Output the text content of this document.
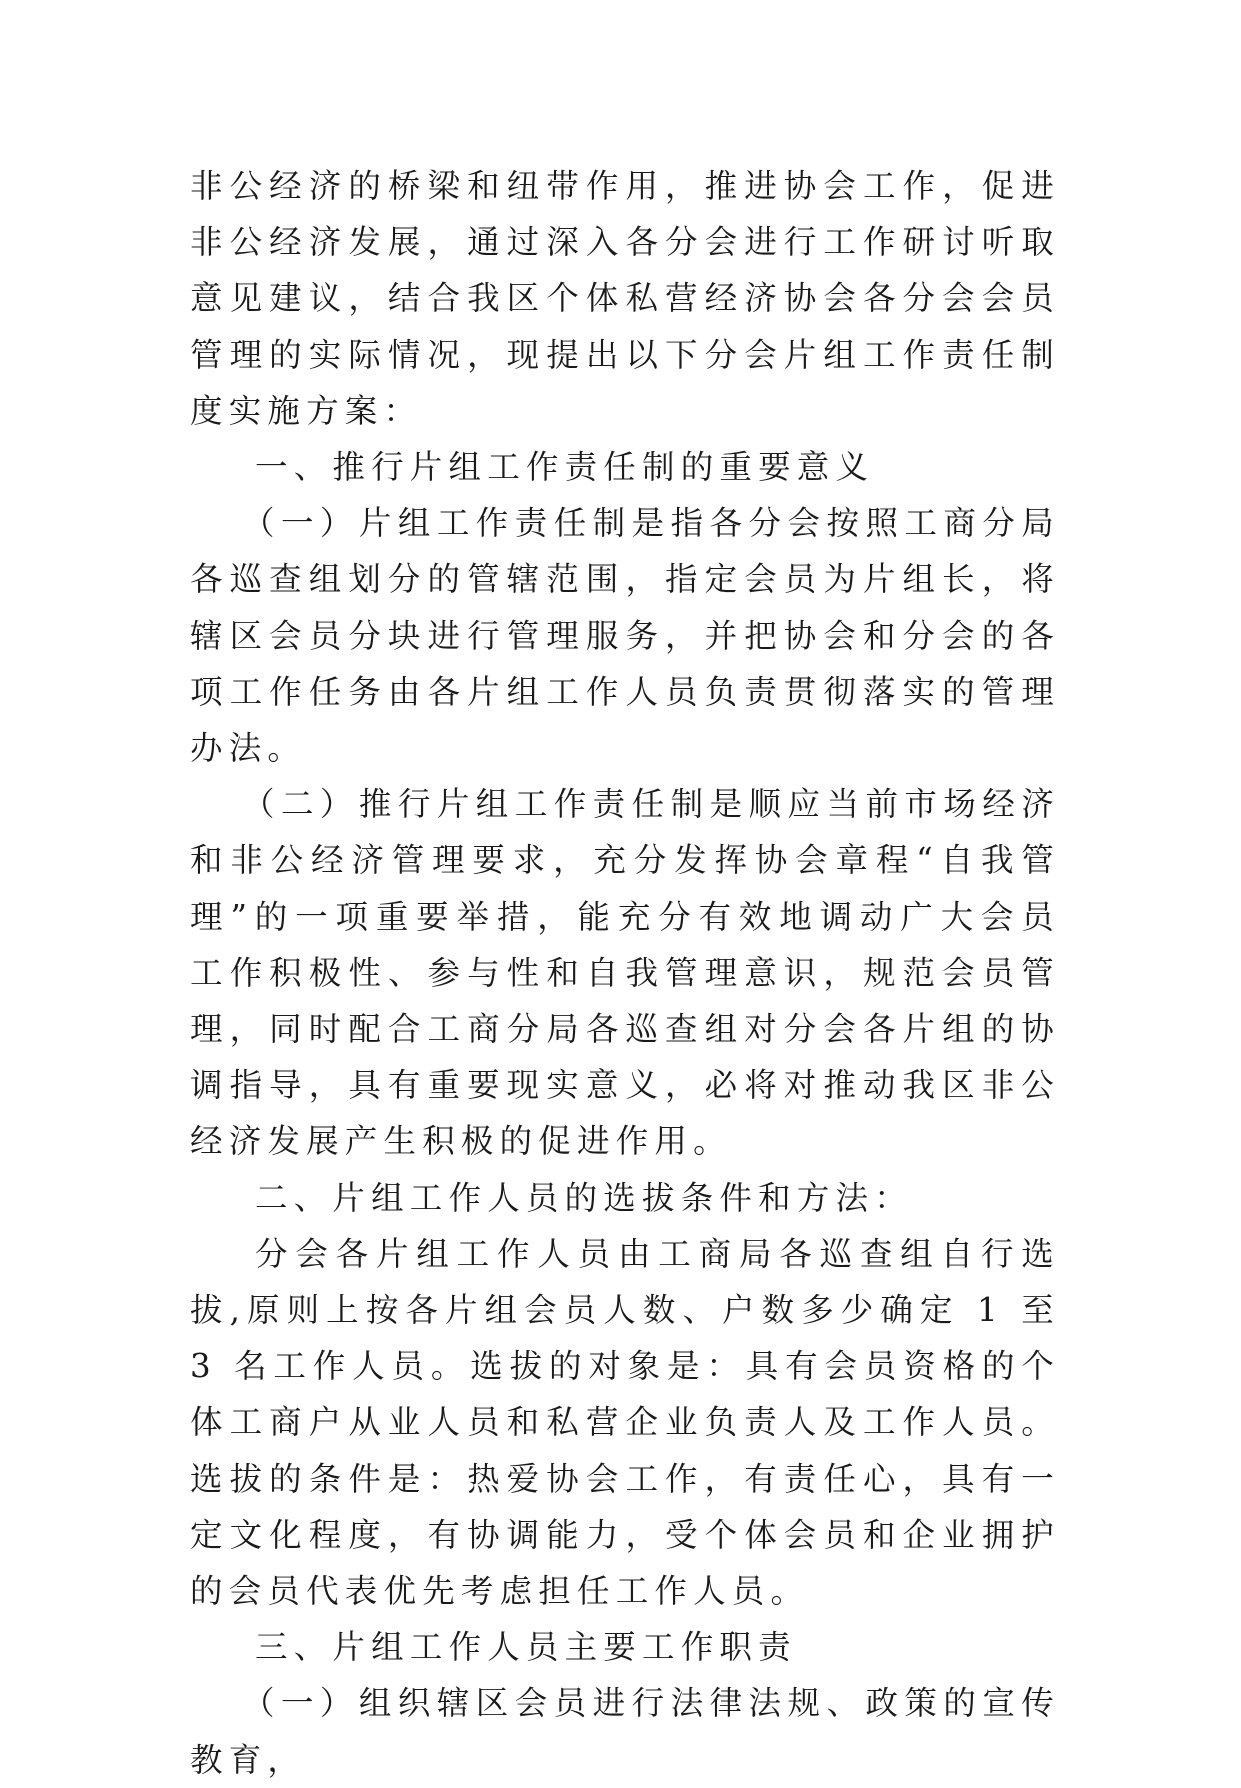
非公经济的桥梁和纽带作用，推进协会工作，促进非公经济发展，通过深入各分会进行工作研讨听取意见建议，结合我区个体私营经济协会各分会会员管理的实际情况，现提出以下分会片组工作责任制度实施方案：

一、推行片组工作责任制的重要意义

（一）片组工作责任制是指各分会按照工商分局各巡查组划分的管辖范围，指定会员为片组长，将辖区会员分块进行管理服务，并把协会和分会的各项工作任务由各片组工作人员负责贯彻落实的管理办法。

（二）推行片组工作责任制是顺应当前市场经济和非公经济管理要求，充分发挥协会章程“自我管理”的一项重要举措，能充分有效地调动广大会员工作积极性、参与性和自我管理意识，规范会员管理，同时配合工商分局各巡查组对分会各片组的协调指导，具有重要现实意义，必将对推动我区非公经济发展产生积极的促进作用。

二、片组工作人员的选拔条件和方法：

分会各片组工作人员由工商局各巡查组自行选拔,原则上按各片组会员人数、户数多少确定 1 至 3 名工作人员。选拔的对象是：具有会员资格的个体工商户从业人员和私营企业负责人及工作人员。选拔的条件是：热爱协会工作，有责任心，具有一定文化程度，有协调能力，受个体会员和企业拥护的会员代表优先考虑担任工作人员。

三、片组工作人员主要工作职责

（一）组织辖区会员进行法律法规、政策的宣传教育，
